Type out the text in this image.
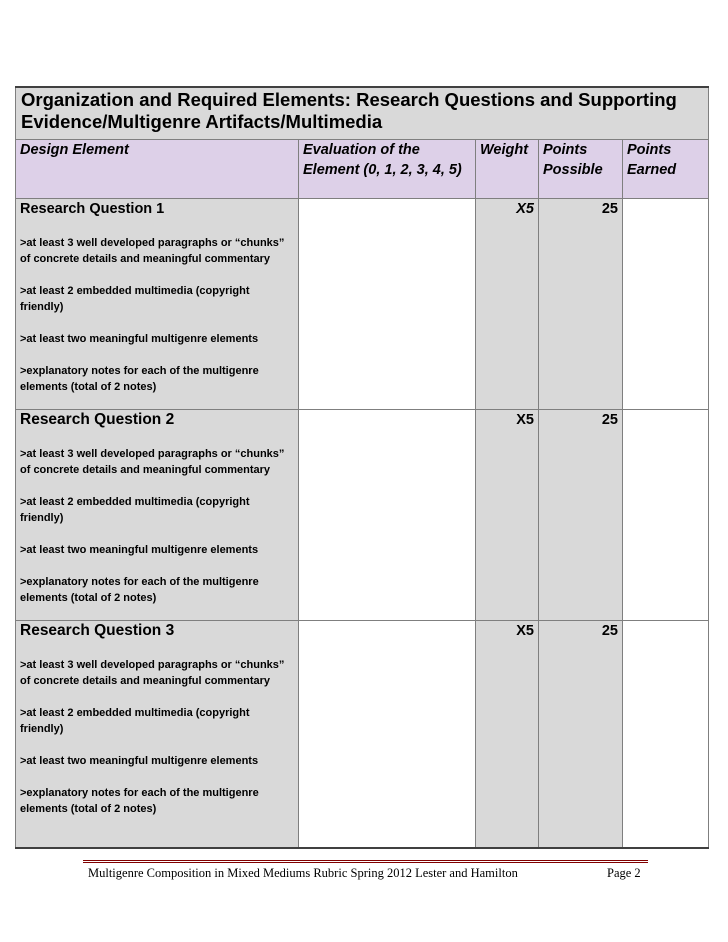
Organization and Required Elements: Research Questions and Supporting Evidence/Multigenre Artifacts/Multimedia				
Design Element	Evaluation of the Element (0, 1, 2, 3, 4, 5)	Weight	Points Possible	Points Earned

Research Question 1
>at least 3 well developed paragraphs or “chunks” of concrete details and meaningful commentary
>at least 2 embedded multimedia (copyright friendly)
>at least two meaningful multigenre elements
>explanatory notes for each of the multigenre elements (total of 2 notes)		X5	25	

Research Question 2
>at least 3 well developed paragraphs or “chunks” of concrete details and meaningful commentary
>at least 2 embedded multimedia (copyright friendly)
>at least two meaningful multigenre elements
>explanatory notes for each of the multigenre elements (total of 2 notes)		X5	25	

Research Question 3
>at least 3 well developed paragraphs or “chunks” of concrete details and meaningful commentary
>at least 2 embedded multimedia (copyright friendly)
>at least two meaningful multigenre elements
>explanatory notes for each of the multigenre elements (total of 2 notes)		X5	25	
Multigenre Composition in Mixed Mediums Rubric Spring 2012 Lester and Hamilton	Page 2
